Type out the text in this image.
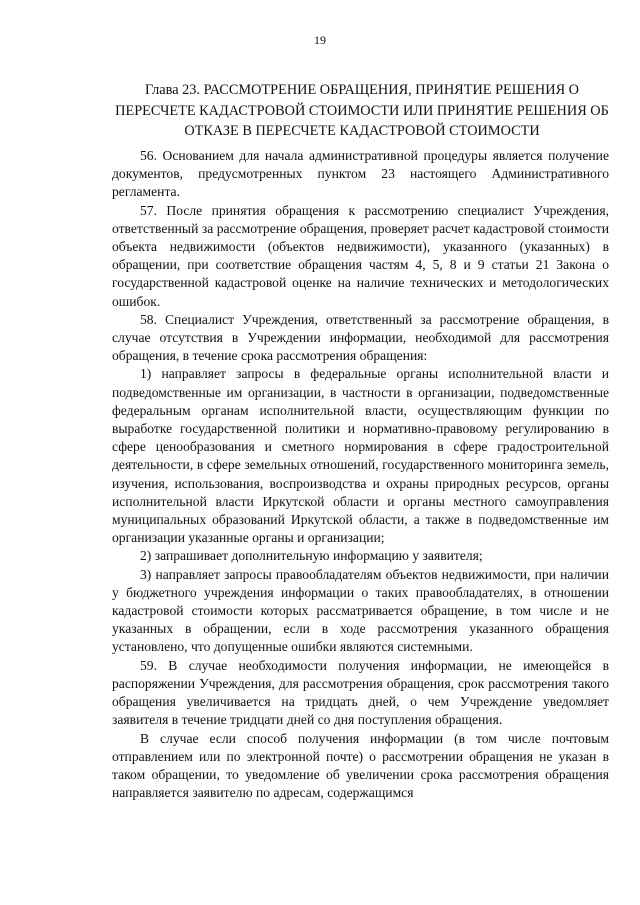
19
Глава 23. РАССМОТРЕНИЕ ОБРАЩЕНИЯ, ПРИНЯТИЕ РЕШЕНИЯ О ПЕРЕСЧЕТЕ КАДАСТРОВОЙ СТОИМОСТИ ИЛИ ПРИНЯТИЕ РЕШЕНИЯ ОБ ОТКАЗЕ В ПЕРЕСЧЕТЕ КАДАСТРОВОЙ СТОИМОСТИ

56. Основанием для начала административной процедуры является получение документов, предусмотренных пунктом 23 настоящего Административного регламента.

57. После принятия обращения к рассмотрению специалист Учреждения, ответственный за рассмотрение обращения, проверяет расчет кадастровой стоимости объекта недвижимости (объектов недвижимости), указанного (указанных) в обращении, при соответствие обращения частям 4, 5, 8 и 9 статьи 21 Закона о государственной кадастровой оценке на наличие технических и методологических ошибок.

58. Специалист Учреждения, ответственный за рассмотрение обращения, в случае отсутствия в Учреждении информации, необходимой для рассмотрения обращения, в течение срока рассмотрения обращения:

1) направляет запросы в федеральные органы исполнительной власти и подведомственные им организации, в частности в организации, подведомственные федеральным органам исполнительной власти, осуществляющим функции по выработке государственной политики и нормативно-правовому регулированию в сфере ценообразования и сметного нормирования в сфере градостроительной деятельности, в сфере земельных отношений, государственного мониторинга земель, изучения, использования, воспроизводства и охраны природных ресурсов, органы исполнительной власти Иркутской области и органы местного самоуправления муниципальных образований Иркутской области, а также в подведомственные им организации указанные органы и организации;

2) запрашивает дополнительную информацию у заявителя;

3) направляет запросы правообладателям объектов недвижимости, при наличии у бюджетного учреждения информации о таких правообладателях, в отношении кадастровой стоимости которых рассматривается обращение, в том числе и не указанных в обращении, если в ходе рассмотрения указанного обращения установлено, что допущенные ошибки являются системными.

59. В случае необходимости получения информации, не имеющейся в распоряжении Учреждения, для рассмотрения обращения, срок рассмотрения такого обращения увеличивается на тридцать дней, о чем Учреждение уведомляет заявителя в течение тридцати дней со дня поступления обращения.

В случае если способ получения информации (в том числе почтовым отправлением или по электронной почте) о рассмотрении обращения не указан в таком обращении, то уведомление об увеличении срока рассмотрения обращения направляется заявителю по адресам, содержащимся
